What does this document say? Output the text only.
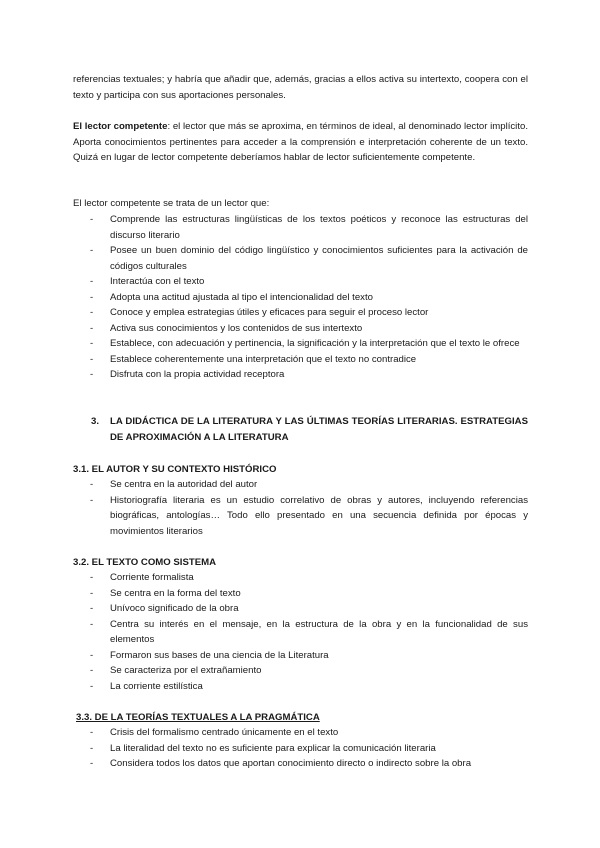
referencias textuales; y habría que añadir que, además, gracias a ellos activa su intertexto, coopera con el texto y participa con sus aportaciones personales.
El lector competente: el lector que más se aproxima, en términos de ideal, al denominado lector implícito. Aporta conocimientos pertinentes para acceder a la comprensión e interpretación coherente de un texto. Quizá en lugar de lector competente deberíamos hablar de lector suficientemente competente.
El lector competente se trata de un lector que:
- Comprende las estructuras lingüísticas de los textos poéticos y reconoce las estructuras del discurso literario
- Posee un buen dominio del código lingüístico y conocimientos suficientes para la activación de códigos culturales
- Interactúa con el texto
- Adopta una actitud ajustada al tipo el intencionalidad del texto
- Conoce y emplea estrategias útiles y eficaces para seguir el proceso lector
- Activa sus conocimientos y los contenidos de sus intertexto
- Establece, con adecuación y pertinencia, la significación y la interpretación que el texto le ofrece
- Establece coherentemente una interpretación que el texto no contradice
- Disfruta con la propia actividad receptora
3.	LA DIDÁCTICA DE LA LITERATURA Y LAS ÚLTIMAS TEORÍAS LITERARIAS. ESTRATEGIAS DE APROXIMACIÓN A LA LITERATURA
3.1. EL AUTOR Y SU CONTEXTO HISTÓRICO
- Se centra en la autoridad del autor
- Historiografía literaria es un estudio correlativo de obras y autores, incluyendo referencias biográficas, antologías… Todo ello presentado en una secuencia definida por épocas y movimientos literarios
3.2. EL TEXTO COMO SISTEMA
- Corriente formalista
- Se centra en la forma del texto
- Unívoco significado de la obra
- Centra su interés en el mensaje, en la estructura de la obra y en la funcionalidad de sus elementos
- Formaron sus bases de una ciencia de la Literatura
- Se caracteriza por el extrañamiento
- La corriente estilística
3.3. DE LA TEORÍAS TEXTUALES A LA PRAGMÁTICA
- Crisis del formalismo centrado únicamente en el texto
- La literalidad del texto no es suficiente para explicar la comunicación literaria
- Considera todos los datos que aportan conocimiento directo o indirecto sobre la obra
